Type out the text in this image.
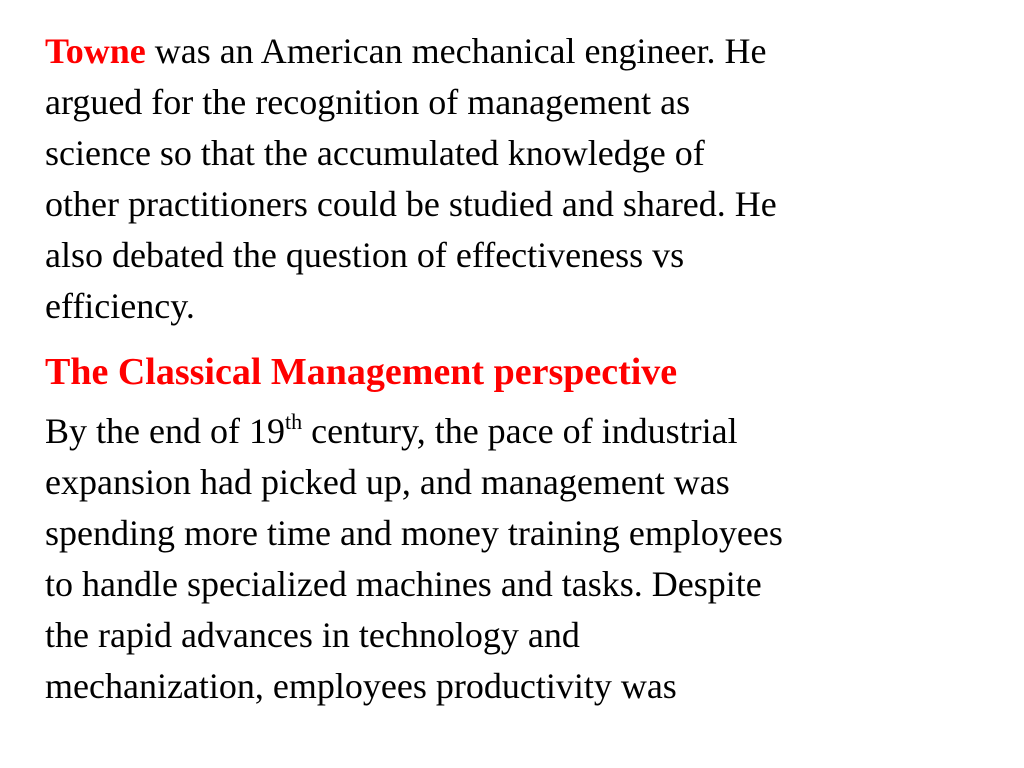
Towne was an American mechanical engineer. He
argued for the recognition of management as
science so that the accumulated knowledge of
other practitioners could be studied and shared. He
also debated the question of effectiveness vs
efficiency.

The Classical Management perspective

By the end of 19th century, the pace of industrial
expansion had picked up, and management was
spending more time and money training employees
to handle specialized machines and tasks. Despite
the rapid advances in technology and
mechanization, employees productivity was
